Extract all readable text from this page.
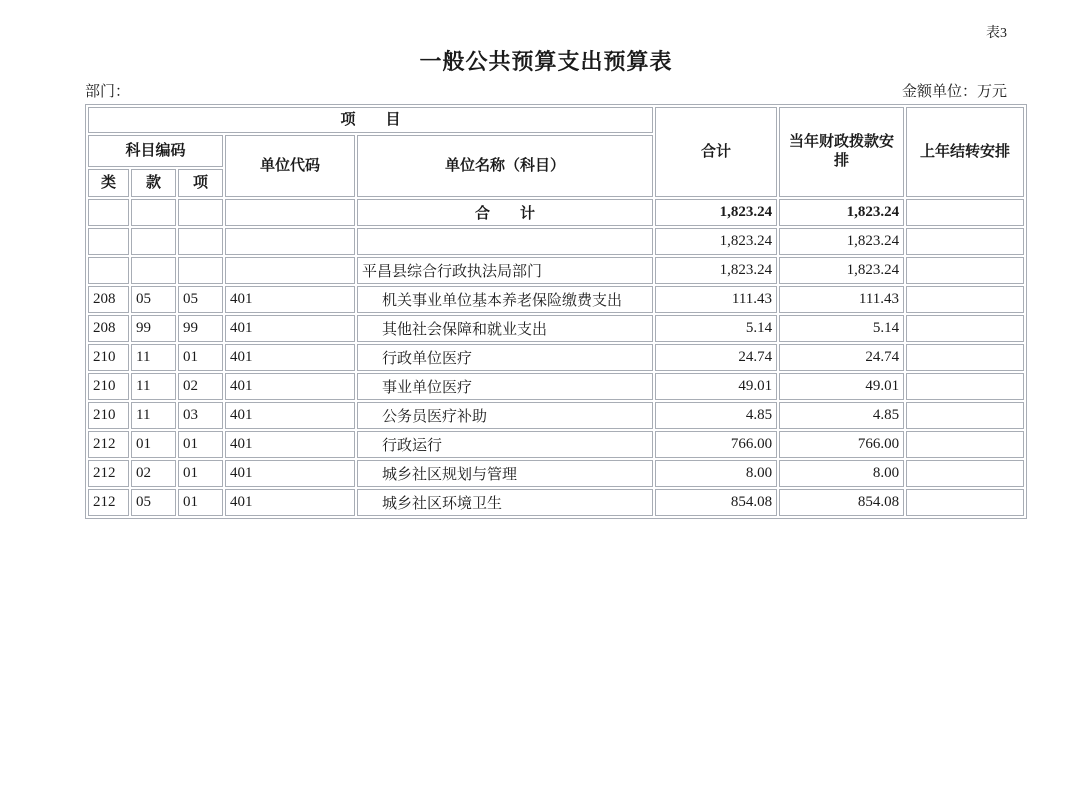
表3
一般公共预算支出预算表
部门：	金额单位：万元
项　　目					合计	当年财政拨款安排	上年结转安排
科目编码			单位代码	单位名称（科目）			
类	款	项					
				合　　计	1,823.24	1,823.24	
					1,823.24	1,823.24	
				平昌县综合行政执法局部门	1,823.24	1,823.24	
208	05	05	401	机关事业单位基本养老保险缴费支出	111.43	111.43	
208	99	99	401	其他社会保障和就业支出	5.14	5.14	
210	11	01	401	行政单位医疗	24.74	24.74	
210	11	02	401	事业单位医疗	49.01	49.01	
210	11	03	401	公务员医疗补助	4.85	4.85	
212	01	01	401	行政运行	766.00	766.00	
212	02	01	401	城乡社区规划与管理	8.00	8.00	
212	05	01	401	城乡社区环境卫生	854.08	854.08	
